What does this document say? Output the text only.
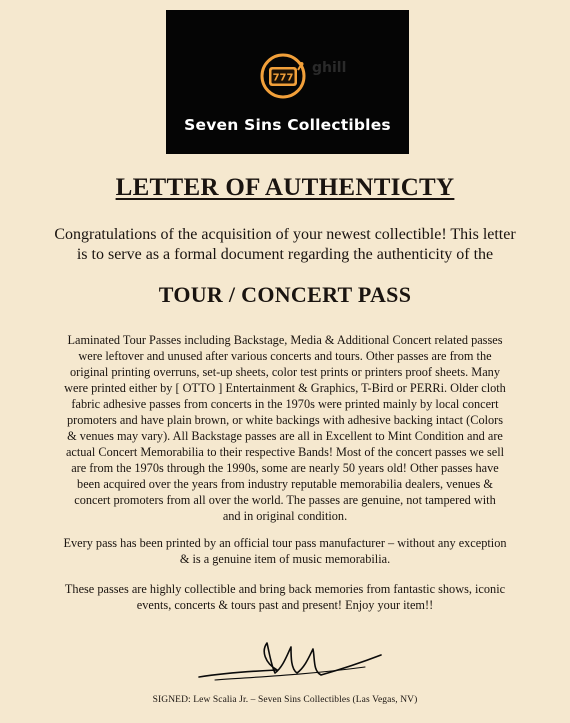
777
ghill
Seven Sins Collectibles
LETTER OF AUTHENTICTY
Congratulations of the acquisition of your newest collectible! This letter
is to serve as a formal document regarding the authenticity of the
TOUR / CONCERT PASS
Laminated Tour Passes including Backstage, Media & Additional Concert related passes
were leftover and unused after various concerts and tours. Other passes are from the
original printing overruns, set-up sheets, color test prints or printers proof sheets. Many
were printed either by [ OTTO ] Entertainment & Graphics, T-Bird or PERRi. Older cloth
fabric adhesive passes from concerts in the 1970s were printed mainly by local concert
promoters and have plain brown, or white backings with adhesive backing intact (Colors
& venues may vary). All Backstage passes are all in Excellent to Mint Condition and are
actual Concert Memorabilia to their respective Bands! Most of the concert passes we sell
are from the 1970s through the 1990s, some are nearly 50 years old! Other passes have
been acquired over the years from industry reputable memorabilia dealers, venues &
concert promoters from all over the world. The passes are genuine, not tampered with
and in original condition.
Every pass has been printed by an official tour pass manufacturer – without any exception
& is a genuine item of music memorabilia.
These passes are highly collectible and bring back memories from fantastic shows, iconic
events, concerts & tours past and present! Enjoy your item!!
SIGNED: Lew Scalia Jr. – Seven Sins Collectibles (Las Vegas, NV)
